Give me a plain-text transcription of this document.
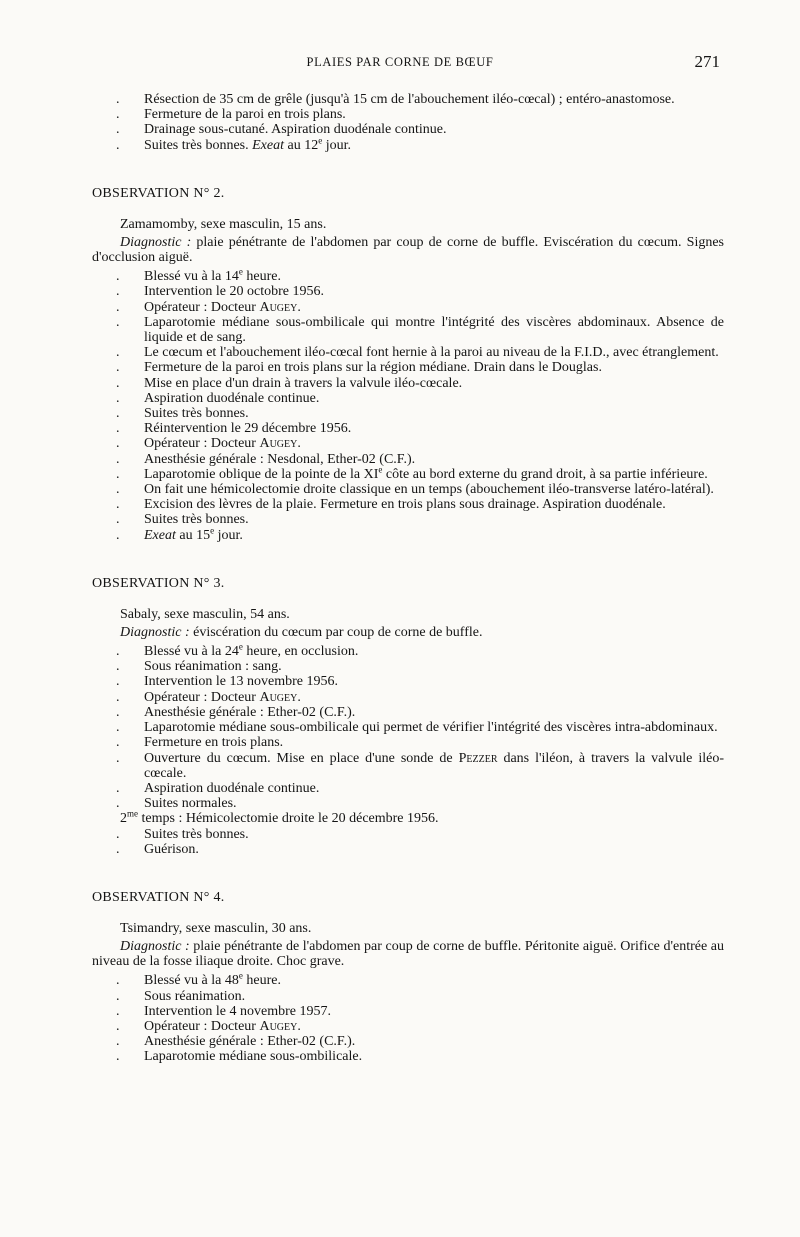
PLAIES PAR CORNE DE BŒUF	271
. Résection de 35 cm de grêle (jusqu'à 15 cm de l'abouchement iléo-cœcal) ; entéro-anastomose.
. Fermeture de la paroi en trois plans.
. Drainage sous-cutané. Aspiration duodénale continue.
. Suites très bonnes. Exeat au 12e jour.
OBSERVATION N° 2.
Zamamomby, sexe masculin, 15 ans.
Diagnostic : plaie pénétrante de l'abdomen par coup de corne de buffle. Eviscération du cœcum. Signes d'occlusion aiguë.
. Blessé vu à la 14e heure.
. Intervention le 20 octobre 1956.
. Opérateur : Docteur Augey.
. Laparotomie médiane sous-ombilicale qui montre l'intégrité des viscères abdominaux. Absence de liquide et de sang.
. Le cœcum et l'abouchement iléo-cœcal font hernie à la paroi au niveau de la F.I.D., avec étranglement.
. Fermeture de la paroi en trois plans sur la région médiane. Drain dans le Douglas.
. Mise en place d'un drain à travers la valvule iléo-cœcale.
. Aspiration duodénale continue.
. Suites très bonnes.
. Réintervention le 29 décembre 1956.
. Opérateur : Docteur Augey.
. Anesthésie générale : Nesdonal, Ether-02 (C.F.).
. Laparotomie oblique de la pointe de la XIe côte au bord externe du grand droit, à sa partie inférieure.
. On fait une hémicolectomie droite classique en un temps (abouchement iléo-transverse latéro-latéral).
. Excision des lèvres de la plaie. Fermeture en trois plans sous drainage. Aspiration duodénale.
. Suites très bonnes.
. Exeat au 15e jour.
OBSERVATION N° 3.
Sabaly, sexe masculin, 54 ans.
Diagnostic : éviscération du cœcum par coup de corne de buffle.
. Blessé vu à la 24e heure, en occlusion.
. Sous réanimation : sang.
. Intervention le 13 novembre 1956.
. Opérateur : Docteur Augey.
. Anesthésie générale : Ether-02 (C.F.).
. Laparotomie médiane sous-ombilicale qui permet de vérifier l'intégrité des viscères intra-abdominaux.
. Fermeture en trois plans.
. Ouverture du cœcum. Mise en place d'une sonde de Pezzer dans l'iléon, à travers la valvule iléo-cœcale.
. Aspiration duodénale continue.
. Suites normales.
$2^{me}$ temps : Hémicolectomie droite le 20 décembre 1956.
. Suites très bonnes.
. Guérison.
OBSERVATION N° 4.
Tsimandry, sexe masculin, 30 ans.
Diagnostic : plaie pénétrante de l'abdomen par coup de corne de buffle. Péritonite aiguë. Orifice d'entrée au niveau de la fosse iliaque droite. Choc grave.
. Blessé vu à la 48e heure.
. Sous réanimation.
. Intervention le 4 novembre 1957.
. Opérateur : Docteur Augey.
. Anesthésie générale : Ether-02 (C.F.).
. Laparotomie médiane sous-ombilicale.
